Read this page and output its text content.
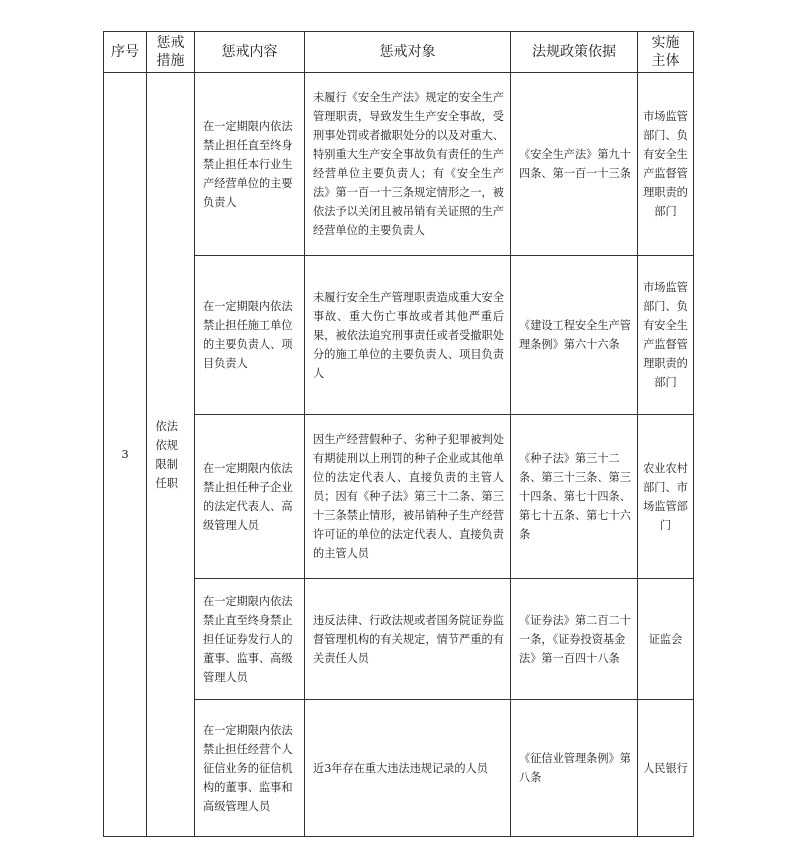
序号	惩戒措施	惩戒内容	惩戒对象	法规政策依据	实施主体

3	依法依规限制任职	在一定期限内依法禁止担任直至终身禁止担任本行业生产经营单位的主要负责人	未履行《安全生产法》规定的安全生产管理职责，导致发生生产安全事故，受刑事处罚或者撤职处分的以及对重大、特别重大生产安全事故负有责任的生产经营单位主要负责人；有《安全生产法》第一百一十三条规定情形之一，被依法予以关闭且被吊销有关证照的生产经营单位的主要负责人	《安全生产法》第九十四条、第一百一十三条	市场监管部门、负有安全生产监督管理职责的部门

		在一定期限内依法禁止担任施工单位的主要负责人、项目负责人	未履行安全生产管理职责造成重大安全事故、重大伤亡事故或者其他严重后果，被依法追究刑事责任或者受撤职处分的施工单位的主要负责人、项目负责人	《建设工程安全生产管理条例》第六十六条	市场监管部门、负有安全生产监督管理职责的部门

		在一定期限内依法禁止担任种子企业的法定代表人、高级管理人员	因生产经营假种子、劣种子犯罪被判处有期徒刑以上刑罚的种子企业或其他单位的法定代表人、直接负责的主管人员；因有《种子法》第三十二条、第三十三条禁止情形，被吊销种子生产经营许可证的单位的法定代表人、直接负责的主管人员	《种子法》第三十二条、第三十三条、第三十四条、第七十四条、第七十五条、第七十六条	农业农村部门、市场监管部门

		在一定期限内依法禁止直至终身禁止担任证券发行人的董事、监事、高级管理人员	违反法律、行政法规或者国务院证券监督管理机构的有关规定，情节严重的有关责任人员	《证券法》第二百二十一条，《证券投资基金法》第一百四十八条	证监会

		在一定期限内依法禁止担任经营个人征信业务的征信机构的董事、监事和高级管理人员	近3年存在重大违法违规记录的人员	《征信业管理条例》第八条	人民银行
